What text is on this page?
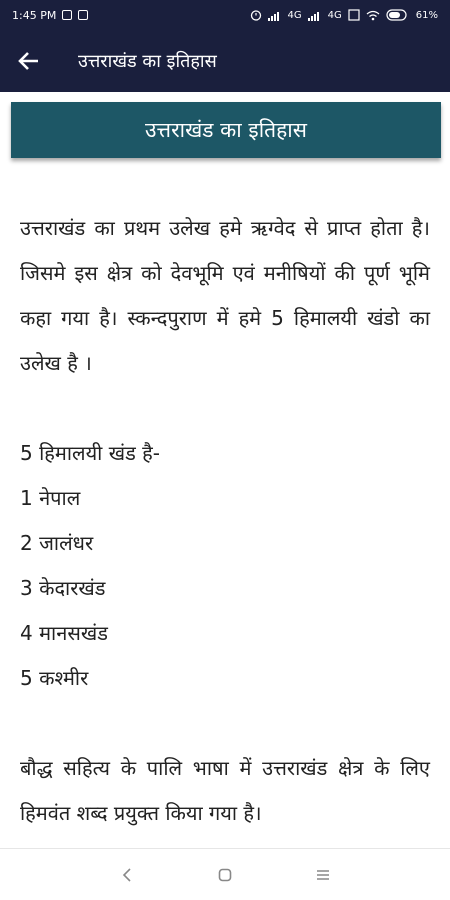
1:45 PM	4G	4G	61%
उत्तराखंड का इतिहास
उत्तराखंड का इतिहास

उत्तराखंड का प्रथम उलेख हमे ऋग्वेद से प्राप्त होता है। जिसमे इस क्षेत्र को देवभूमि एवं मनीषियों की पूर्ण भूमि कहा गया है। स्कन्दपुराण में हमे 5 हिमालयी खंडो का उलेख है ।

5 हिमालयी खंड है-

1 नेपाल

2 जालंधर

3 केदारखंड

4 मानसखंड

5 कश्मीर

बौद्ध सहित्य के पालि भाषा में उत्तराखंड क्षेत्र के लिए हिमवंत शब्द प्रयुक्त किया गया है।
